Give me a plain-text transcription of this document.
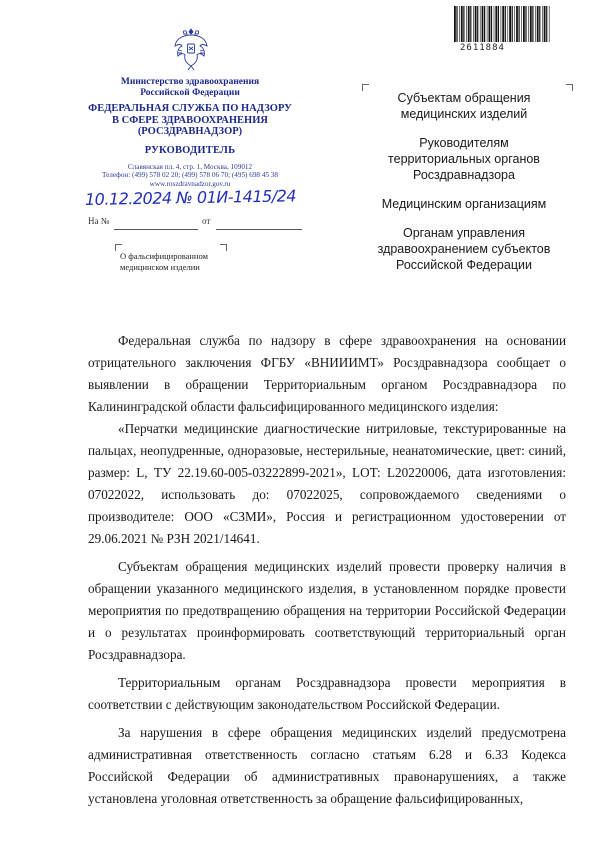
2611884
Министерство здравоохранения
Российской Федерации
ФЕДЕРАЛЬНАЯ СЛУЖБА ПО НАДЗОРУ
В СФЕРЕ ЗДРАВООХРАНЕНИЯ
(РОСЗДРАВНАДЗОР)
РУКОВОДИТЕЛЬ
Славянская пл. 4, стр. 1, Москва, 109012
Телефон: (499) 578 02 20; (499) 578 06 70; (495) 698 45 38
www.roszdravnadzor.gov.ru
10.12.2024 № 01И-1415/24
На №	от
О фальсифицированном
медицинском изделии
Субъектам обращения
медицинских изделий
Руководителям
территориальных органов
Росздравнадзора
Медицинским организациям
Органам управления
здравоохранением субъектов
Российской Федерации

Федеральная служба по надзору в сфере здравоохранения на основании отрицательного заключения ФГБУ «ВНИИИМТ» Росздравнадзора сообщает о выявлении в обращении Территориальным органом Росздравнадзора по Калининградской области фальсифицированного медицинского изделия:

«Перчатки медицинские диагностические нитриловые, текстурированные на пальцах, неопудренные, одноразовые, нестерильные, неанатомические, цвет: синий, размер: L, ТУ 22.19.60-005-03222899-2021», LOT: L20220006, дата изготовления: 07022022, использовать до: 07022025, сопровождаемого сведениями о производителе: ООО «СЗМИ», Россия и регистрационном удостоверении от 29.06.2021 № РЗН 2021/14641.

Субъектам обращения медицинских изделий провести проверку наличия в обращении указанного медицинского изделия, в установленном порядке провести мероприятия по предотвращению обращения на территории Российской Федерации и о результатах проинформировать соответствующий территориальный орган Росздравнадзора.

Территориальным органам Росздравнадзора провести мероприятия в соответствии с действующим законодательством Российской Федерации.

За нарушения в сфере обращения медицинских изделий предусмотрена административная ответственность согласно статьям 6.28 и 6.33 Кодекса Российской Федерации об административных правонарушениях, а также установлена уголовная ответственность за обращение фальсифицированных,
